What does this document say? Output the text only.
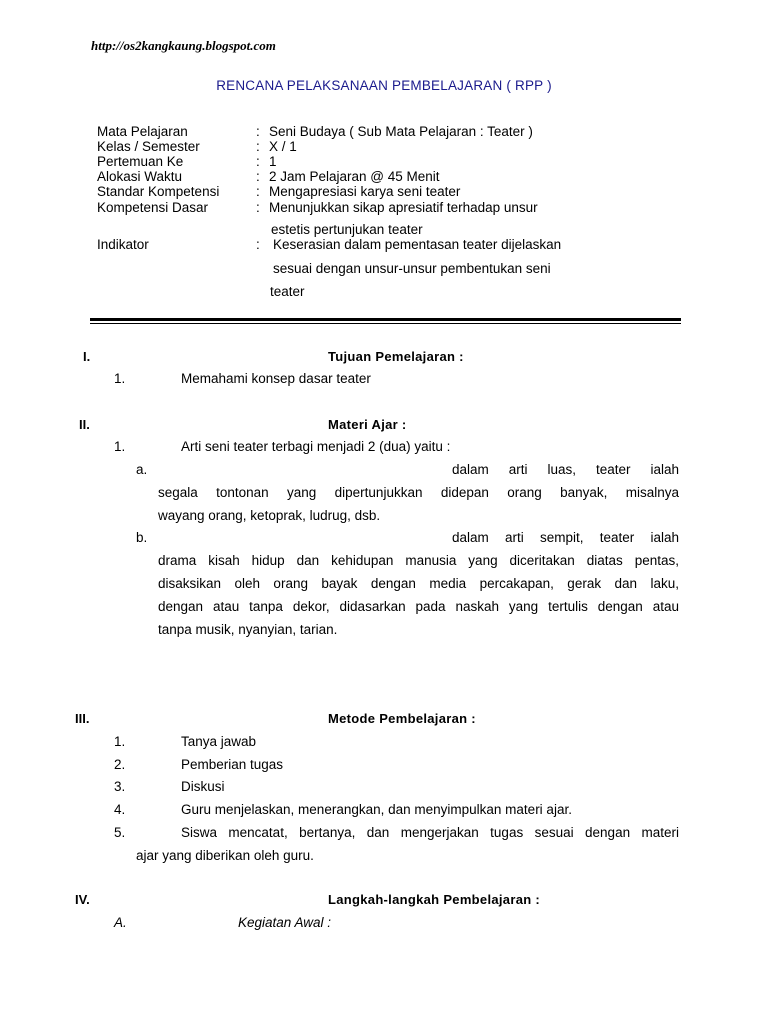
http://os2kangkaung.blogspot.com
RENCANA PELAKSANAAN PEMBELAJARAN ( RPP )
Mata Pelajaran	: Seni Budaya ( Sub Mata Pelajaran : Teater )
Kelas / Semester	: X / 1
Pertemuan Ke	: 1
Alokasi Waktu	: 2 Jam Pelajaran @ 45 Menit
Standar Kompetensi	: Mengapresiasi karya seni teater
Kompetensi Dasar	: Menunjukkan sikap apresiatif terhadap unsur
estetis pertunjukan teater
Indikator	: Keserasian dalam pementasan teater dijelaskan
sesuai dengan unsur-unsur pembentukan seni
teater
I.	Tujuan Pemelajaran :
1.	Memahami konsep dasar teater
II.	Materi Ajar :
1.	Arti seni teater terbagi menjadi 2 (dua) yaitu :
a.	dalam arti luas, teater ialah
segala tontonan yang dipertunjukkan didepan orang banyak, misalnya
wayang orang, ketoprak, ludrug, dsb.
b.	dalam arti sempit, teater ialah
drama kisah hidup dan kehidupan manusia yang diceritakan diatas pentas,
disaksikan oleh orang bayak dengan media percakapan, gerak dan laku,
dengan atau tanpa dekor, didasarkan pada naskah yang tertulis dengan atau
tanpa musik, nyanyian, tarian.
III.	Metode Pembelajaran :
1.	Tanya jawab
2.	Pemberian tugas
3.	Diskusi
4.	Guru menjelaskan, menerangkan, dan menyimpulkan materi ajar.
5.	Siswa mencatat, bertanya, dan mengerjakan tugas sesuai dengan materi
ajar yang diberikan oleh guru.
IV.	Langkah-langkah Pembelajaran :
A.	Kegiatan Awal :
